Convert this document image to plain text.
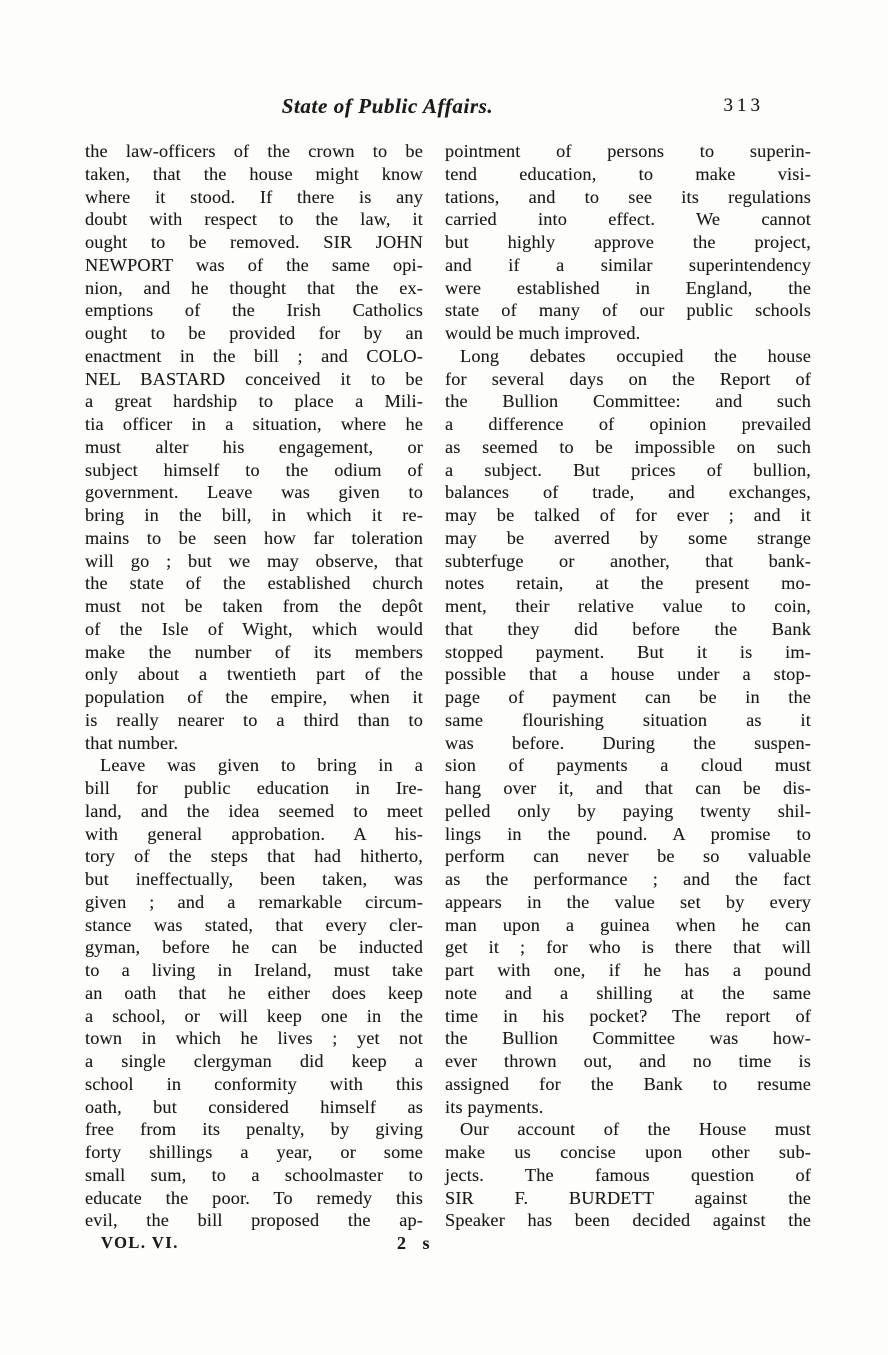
State of Public Affairs.	313
the law-officers of the crown to be
taken, that the house might know
where it stood. If there is any
doubt with respect to the law, it
ought to be removed. SIR JOHN
NEWPORT was of the same opi-
nion, and he thought that the ex-
emptions of the Irish Catholics
ought to be provided for by an
enactment in the bill ; and COLO-
NEL BASTARD conceived it to be
a great hardship to place a Mili-
tia officer in a situation, where he
must alter his engagement, or
subject himself to the odium of
government. Leave was given to
bring in the bill, in which it re-
mains to be seen how far toleration
will go ; but we may observe, that
the state of the established church
must not be taken from the depôt
of the Isle of Wight, which would
make the number of its members
only about a twentieth part of the
population of the empire, when it
is really nearer to a third than to
that number.
Leave was given to bring in a
bill for public education in Ire-
land, and the idea seemed to meet
with general approbation. A his-
tory of the steps that had hitherto,
but ineffectually, been taken, was
given ; and a remarkable circum-
stance was stated, that every cler-
gyman, before he can be inducted
to a living in Ireland, must take
an oath that he either does keep
a school, or will keep one in the
town in which he lives ; yet not
a single clergyman did keep a
school in conformity with this
oath, but considered himself as
free from its penalty, by giving
forty shillings a year, or some
small sum, to a schoolmaster to
educate the poor. To remedy this
evil, the bill proposed the ap-
pointment of persons to superin-
tend education, to make visi-
tations, and to see its regulations
carried into effect. We cannot
but highly approve the project,
and if a similar superintendency
were established in England, the
state of many of our public schools
would be much improved.
Long debates occupied the house
for several days on the Report of
the Bullion Committee: and such
a difference of opinion prevailed
as seemed to be impossible on such
a subject. But prices of bullion,
balances of trade, and exchanges,
may be talked of for ever ; and it
may be averred by some strange
subterfuge or another, that bank-
notes retain, at the present mo-
ment, their relative value to coin,
that they did before the Bank
stopped payment. But it is im-
possible that a house under a stop-
page of payment can be in the
same flourishing situation as it
was before. During the suspen-
sion of payments a cloud must
hang over it, and that can be dis-
pelled only by paying twenty shil-
lings in the pound. A promise to
perform can never be so valuable
as the performance ; and the fact
appears in the value set by every
man upon a guinea when he can
get it ; for who is there that will
part with one, if he has a pound
note and a shilling at the same
time in his pocket? The report of
the Bullion Committee was how-
ever thrown out, and no time is
assigned for the Bank to resume
its payments.
Our account of the House must
make us concise upon other sub-
jects. The famous question of
SIR F. BURDETT against the
Speaker has been decided against the
VOL. VI.	2 s
